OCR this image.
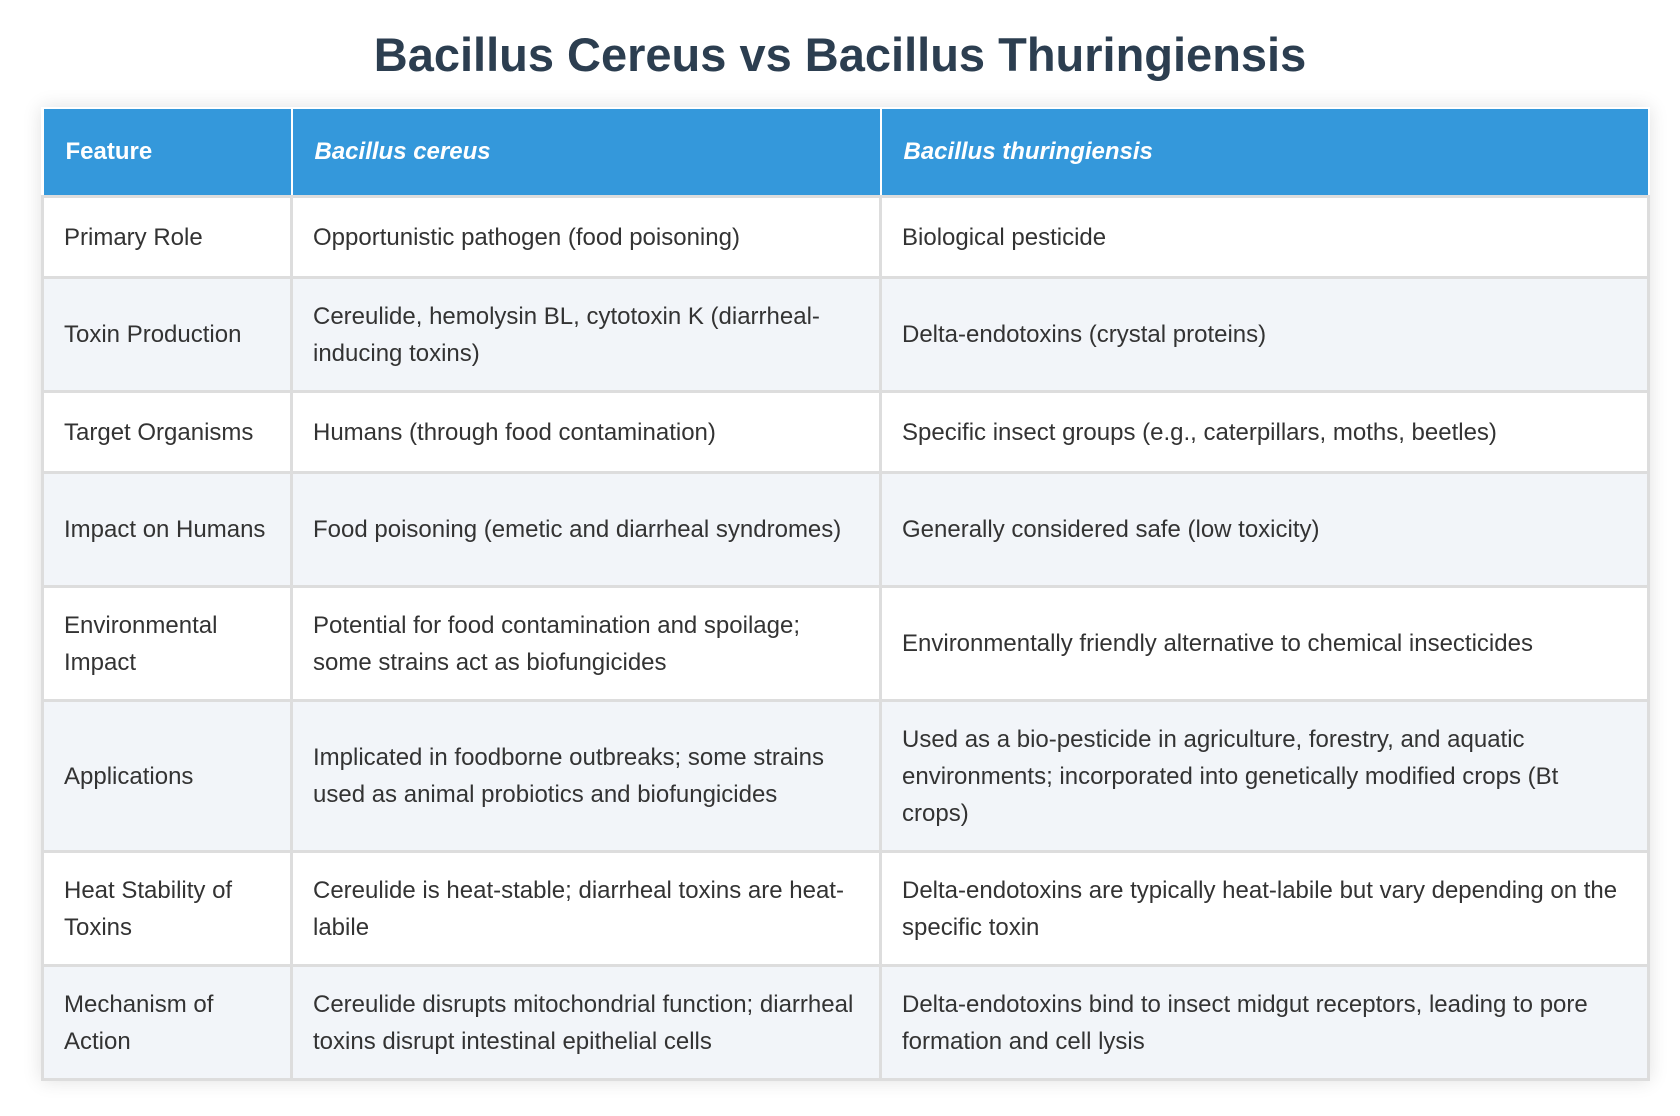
Bacillus Cereus vs Bacillus Thuringiensis
Feature	Bacillus cereus	Bacillus thuringiensis
Primary Role	Opportunistic pathogen (food poisoning)	Biological pesticide
Toxin Production	Cereulide, hemolysin BL, cytotoxin K (diarrheal-inducing toxins)	Delta-endotoxins (crystal proteins)
Target Organisms	Humans (through food contamination)	Specific insect groups (e.g., caterpillars, moths, beetles)
Impact on Humans	Food poisoning (emetic and diarrheal syndromes)	Generally considered safe (low toxicity)
Environmental Impact	Potential for food contamination and spoilage; some strains act as biofungicides	Environmentally friendly alternative to chemical insecticides
Applications	Implicated in foodborne outbreaks; some strains used as animal probiotics and biofungicides	Used as a bio-pesticide in agriculture, forestry, and aquatic environments; incorporated into genetically modified crops (Bt crops)
Heat Stability of Toxins	Cereulide is heat-stable; diarrheal toxins are heat-labile	Delta-endotoxins are typically heat-labile but vary depending on the specific toxin
Mechanism of Action	Cereulide disrupts mitochondrial function; diarrheal toxins disrupt intestinal epithelial cells	Delta-endotoxins bind to insect midgut receptors, leading to pore formation and cell lysis
